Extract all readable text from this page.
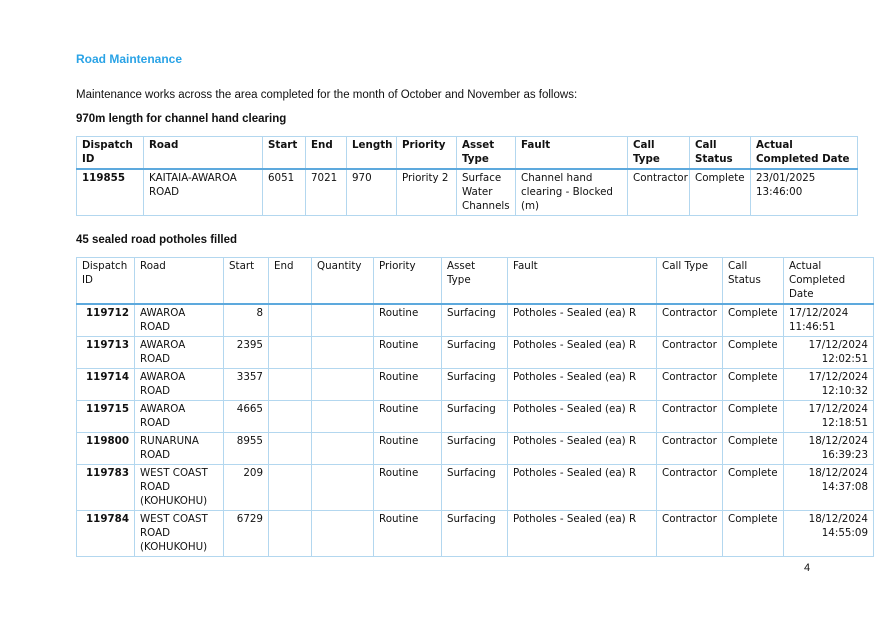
Road Maintenance

Maintenance works across the area completed for the month of October and November as follows:

970m length for channel hand clearing
Dispatch ID	Road	Start	End	Length	Priority	Asset Type	Fault	Call Type	Call Status	Actual Completed Date
119855	KAITAIA-AWAROA ROAD	6051	7021	970	Priority 2	Surface Water Channels	Channel hand clearing - Blocked (m)	Contractor	Complete	23/01/2025
13:46:00
45 sealed road potholes filled
Dispatch ID	Road	Start	End	Quantity	Priority	Asset Type	Fault	Call Type	Call Status	Actual Completed Date
119712	AWAROA ROAD	8			Routine	Surfacing	Potholes - Sealed (ea) R	Contractor	Complete	17/12/2024
11:46:51

119713	AWAROA ROAD	2395			Routine	Surfacing	Potholes - Sealed (ea) R	Contractor	Complete	17/12/2024
12:02:51

119714	AWAROA ROAD	3357			Routine	Surfacing	Potholes - Sealed (ea) R	Contractor	Complete	17/12/2024
12:10:32

119715	AWAROA ROAD	4665			Routine	Surfacing	Potholes - Sealed (ea) R	Contractor	Complete	17/12/2024
12:18:51

119800	RUNARUNA ROAD	8955			Routine	Surfacing	Potholes - Sealed (ea) R	Contractor	Complete	18/12/2024
16:39:23

119783	WEST COAST ROAD (KOHUKOHU)	209			Routine	Surfacing	Potholes - Sealed (ea) R	Contractor	Complete	18/12/2024
14:37:08

119784	WEST COAST ROAD (KOHUKOHU)	6729			Routine	Surfacing	Potholes - Sealed (ea) R	Contractor	Complete	18/12/2024
14:55:09

4
